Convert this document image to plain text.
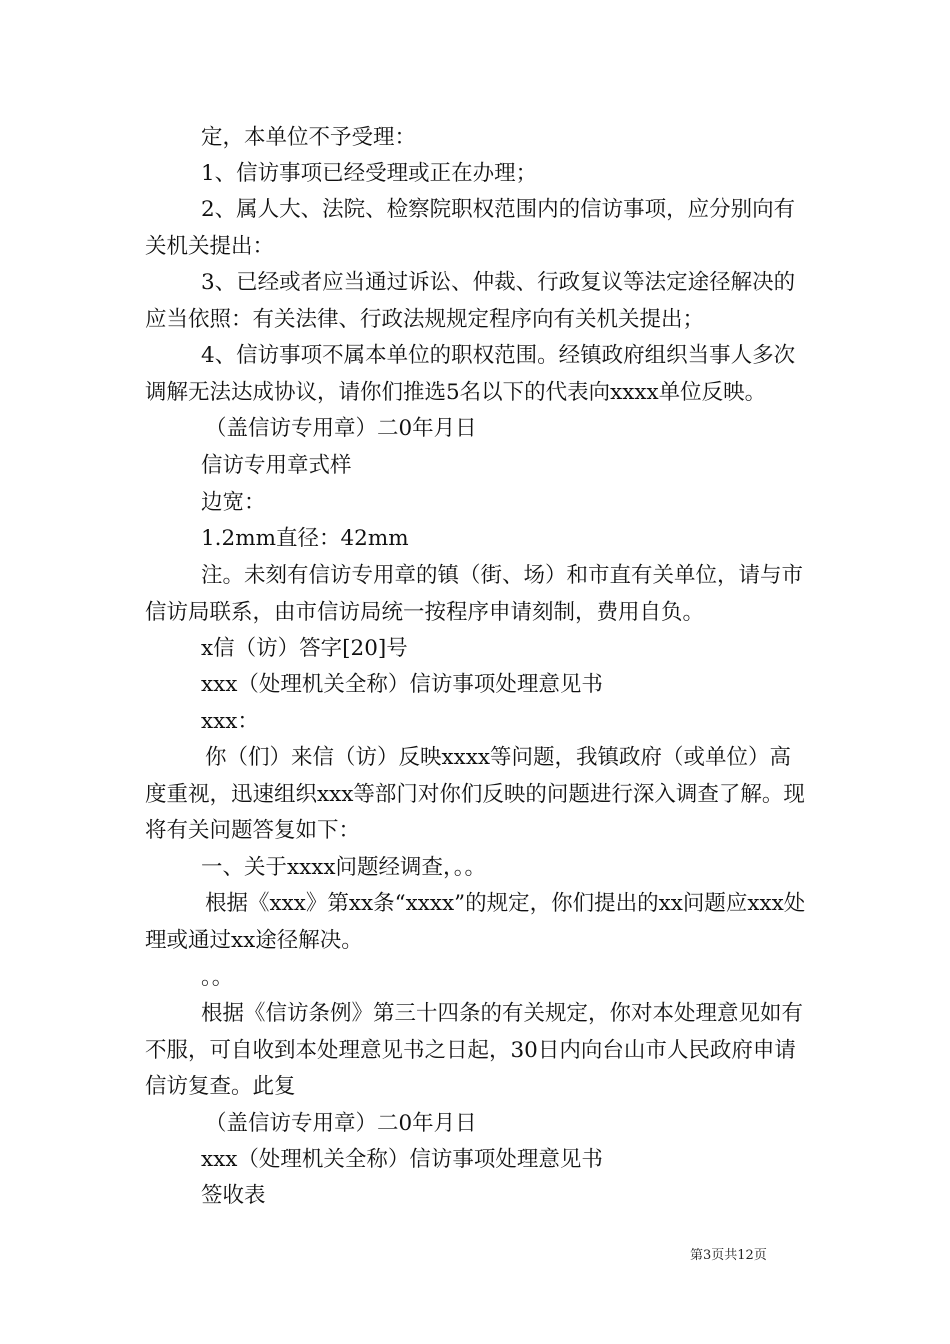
定，本单位不予受理：

1、信访事项已经受理或正在办理；

2、属人大、法院、检察院职权范围内的信访事项，应分别向有关机关提出：

3、已经或者应当通过诉讼、仲裁、行政复议等法定途径解决的应当依照：有关法律、行政法规规定程序向有关机关提出；

4、信访事项不属本单位的职权范围。经镇政府组织当事人多次调解无法达成协议，请你们推选5名以下的代表向xxxx单位反映。

（盖信访专用章）二0年月日

信访专用章式样

边宽：

1.2mm直径：42mm

注。未刻有信访专用章的镇（街、场）和市直有关单位，请与市信访局联系，由市信访局统一按程序申请刻制，费用自负。

x信（访）答字[20]号

xxx（处理机关全称）信访事项处理意见书

xxx：

你（们）来信（访）反映xxxx等问题，我镇政府（或单位）高度重视，迅速组织xxx等部门对你们反映的问题进行深入调查了解。现将有关问题答复如下：

一、关于xxxx问题经调查，。。

根据《xxx》第xx条“xxxx”的规定，你们提出的xx问题应xxx处理或通过xx途径解决。

。。

根据《信访条例》第三十四条的有关规定，你对本处理意见如有不服，可自收到本处理意见书之日起，30日内向台山市人民政府申请信访复查。此复

（盖信访专用章）二0年月日

xxx（处理机关全称）信访事项处理意见书

签收表

第3页共12页
